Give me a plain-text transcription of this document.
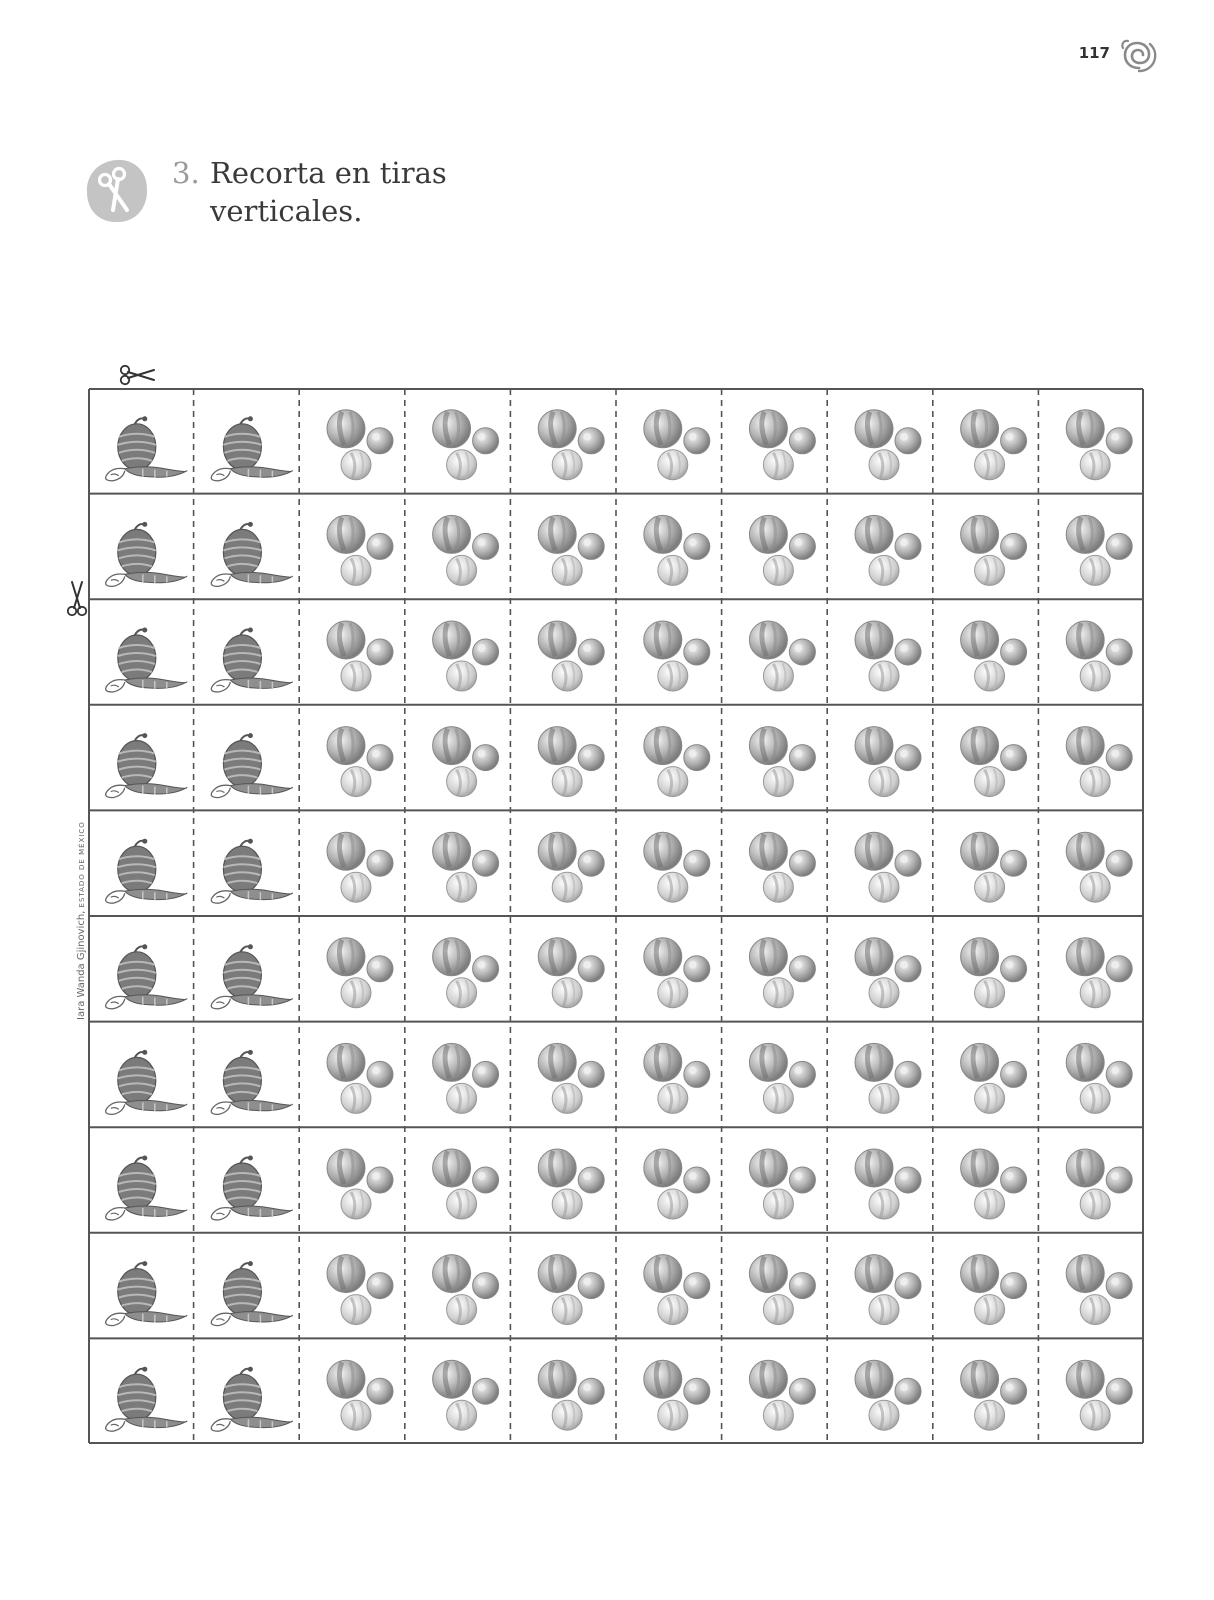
117
3. Recorta en tiras
verticales.
Iara Wanda Gjinovich, ESTADO DE MÉXICO
